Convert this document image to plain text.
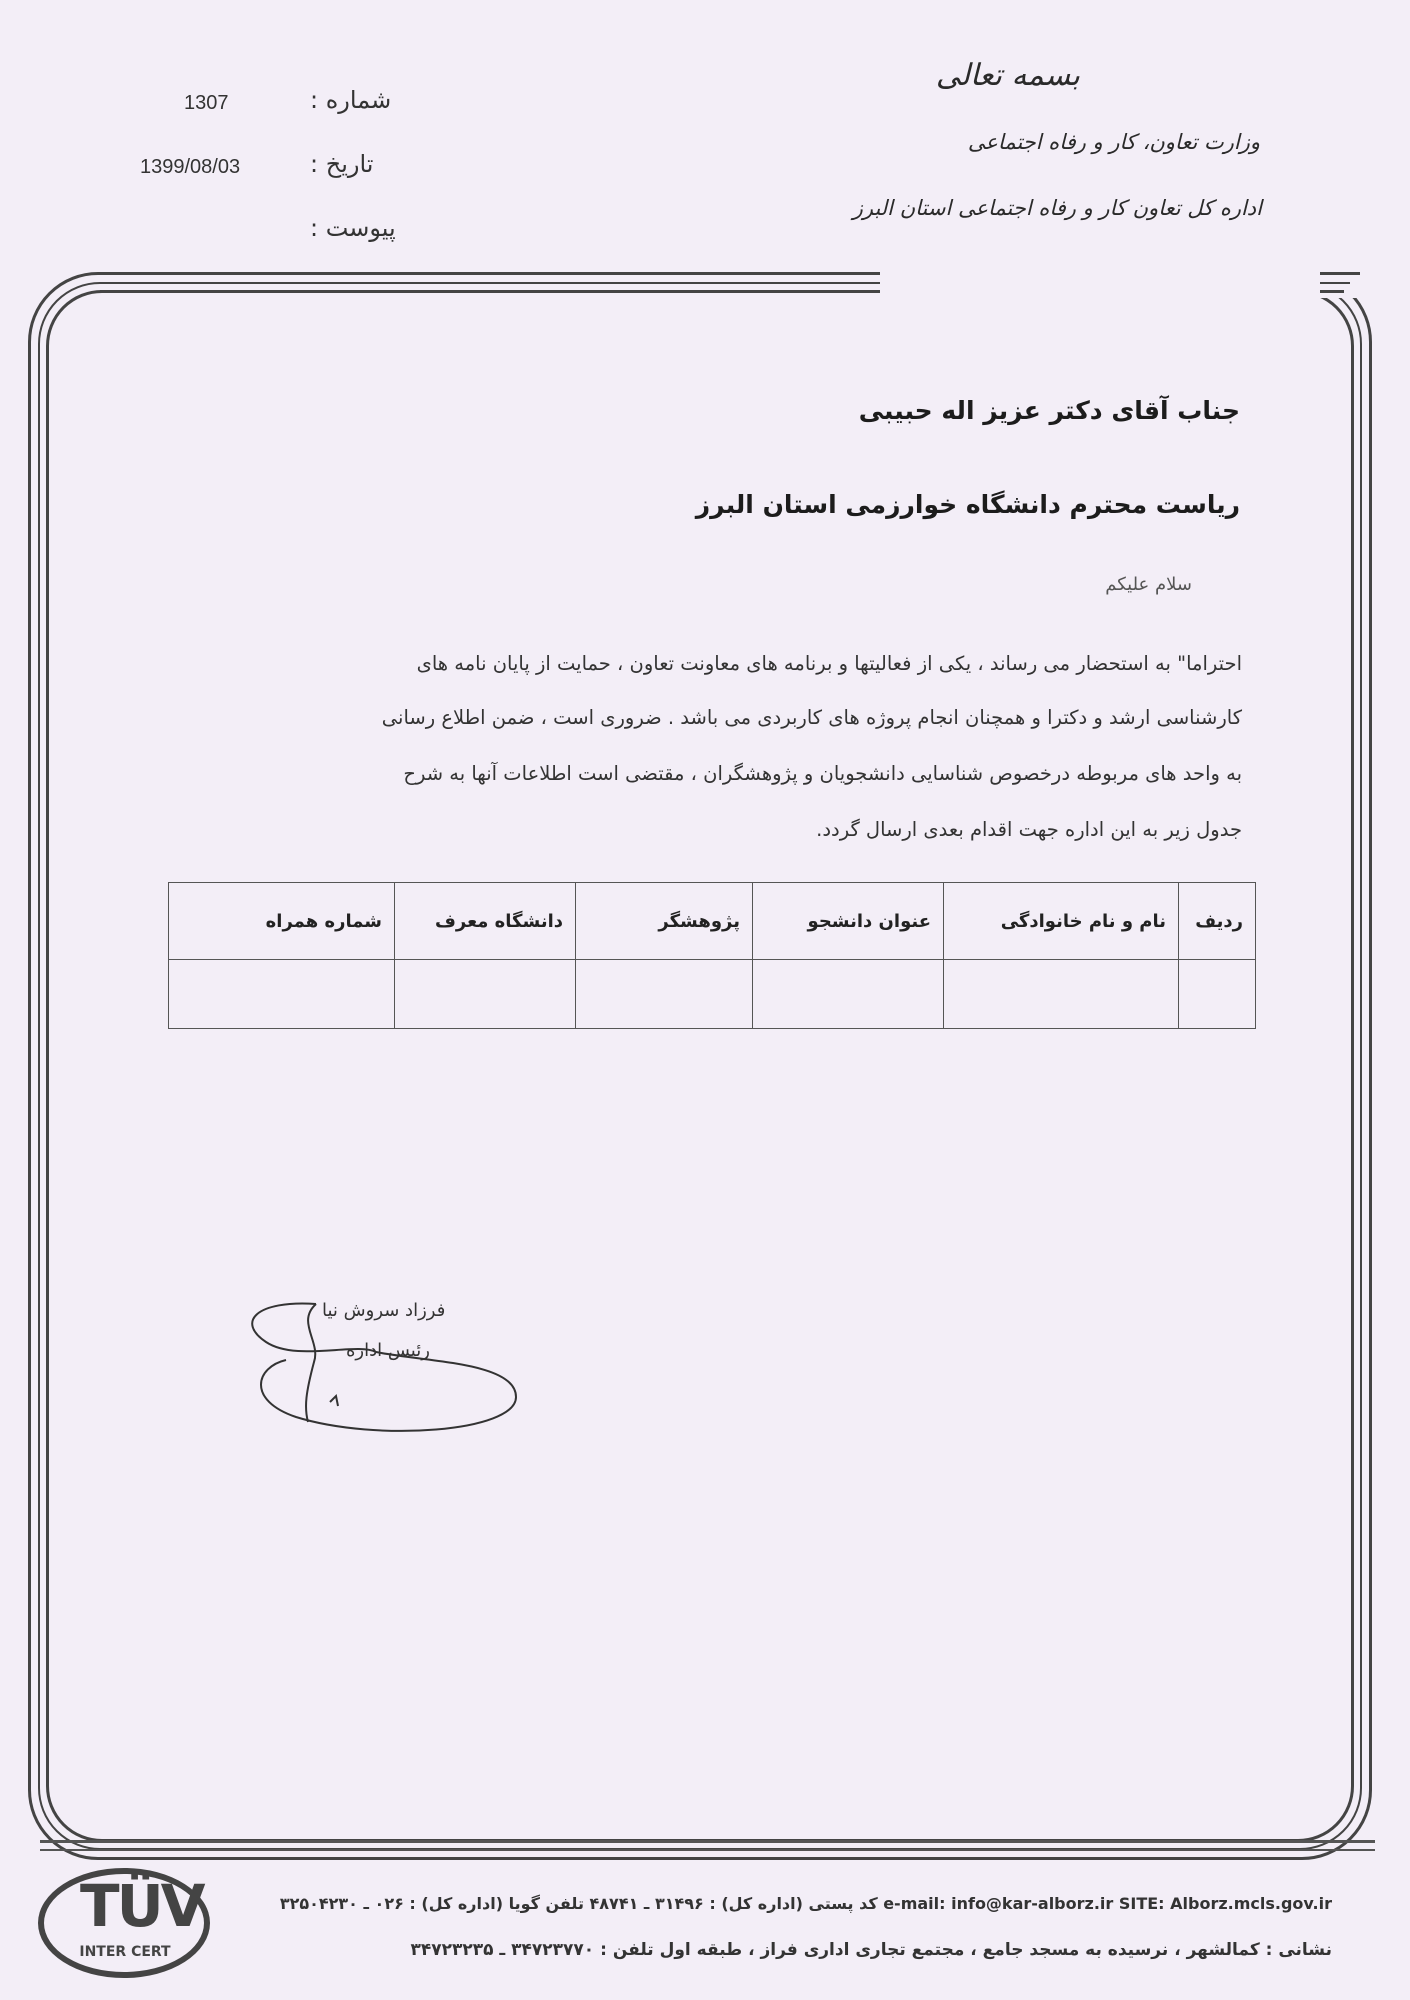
بسمه تعالی
وزارت تعاون، کار و رفاه اجتماعی
اداره کل تعاون کار و رفاه اجتماعی استان البرز
شماره :
1307
تاریخ :
1399/08/03
پیوست :
جناب آقای دکتر عزیز اله حبیبی
ریاست محترم دانشگاه خوارزمی استان البرز
سلام علیکم
احتراما" به استحضار می رساند ، یکی از فعالیتها و برنامه های معاونت تعاون ، حمایت از پایان نامه های
کارشناسی ارشد و دکترا و همچنان انجام پروژه های کاربردی می باشد . ضروری است ، ضمن اطلاع رسانی
به واحد های مربوطه درخصوص شناسایی دانشجویان و پژوهشگران ، مقتضی است اطلاعات آنها به شرح
جدول زیر به این اداره جهت اقدام بعدی ارسال گردد.
ردیف	نام و نام خانوادگی	عنوان دانشجو	پژوهشگر	دانشگاه معرف	شماره همراه

فرزاد سروش نیا
رئیس اداره
TÜV
INTER CERT
e-mail: info@kar-alborz.ir SITE: Alborz.mcls.gov.ir کد پستی (اداره کل) : ۳۱۴۹۶ ـ ۴۸۷۴۱ تلفن گویا (اداره کل) : ۰۲۶ ـ ۳۲۵۰۴۲۳۰
نشانی : کمالشهر ، نرسیده به مسجد جامع ، مجتمع تجاری اداری فراز ، طبقه اول تلفن : ۳۴۷۲۳۷۷۰ ـ ۳۴۷۲۳۲۳۵
